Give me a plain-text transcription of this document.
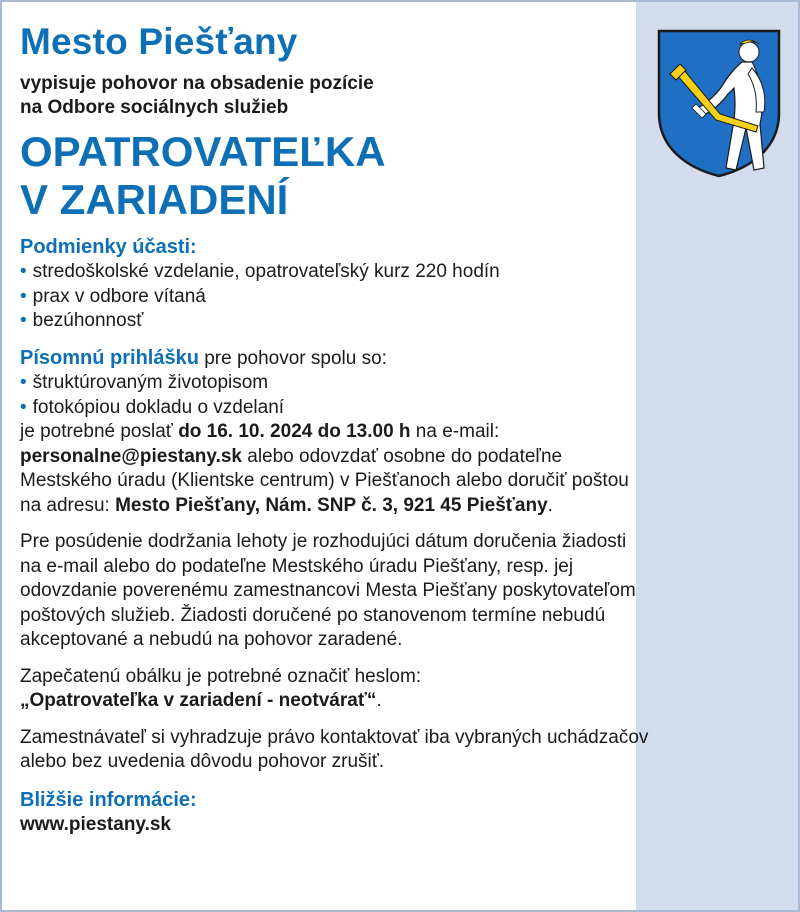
Mesto Piešťany
vypisuje pohovor na obsadenie pozície
na Odbore sociálnych služieb
OPATROVATEĽKA
V ZARIADENÍ
Podmienky účasti:
• stredoškolské vzdelanie, opatrovateľský kurz 220 hodín
• prax v odbore vítaná
• bezúhonnosť
Písomnú prihlášku pre pohovor spolu so:
• štruktúrovaným životopisom
• fotokópiou dokladu o vzdelaní
je potrebné poslať do 16. 10. 2024 do 13.00 h na e-mail:
personalne@piestany.sk alebo odovzdať osobne do podateľne
Mestského úradu (Klientske centrum) v Piešťanoch alebo doručiť poštou
na adresu: Mesto Piešťany, Nám. SNP č. 3, 921 45 Piešťany.
Pre posúdenie dodržania lehoty je rozhodujúci dátum doručenia žiadosti
na e-mail alebo do podateľne Mestského úradu Piešťany, resp. jej
odovzdanie poverenému zamestnancovi Mesta Piešťany poskytovateľom
poštových služieb. Žiadosti doručené po stanovenom termíne nebudú
akceptované a nebudú na pohovor zaradené.
Zapečatenú obálku je potrebné označiť heslom:
„Opatrovateľka v zariadení - neotvárať“.
Zamestnávateľ si vyhradzuje právo kontaktovať iba vybraných uchádzačov
alebo bez uvedenia dôvodu pohovor zrušiť.
Bližšie informácie:
www.piestany.sk
